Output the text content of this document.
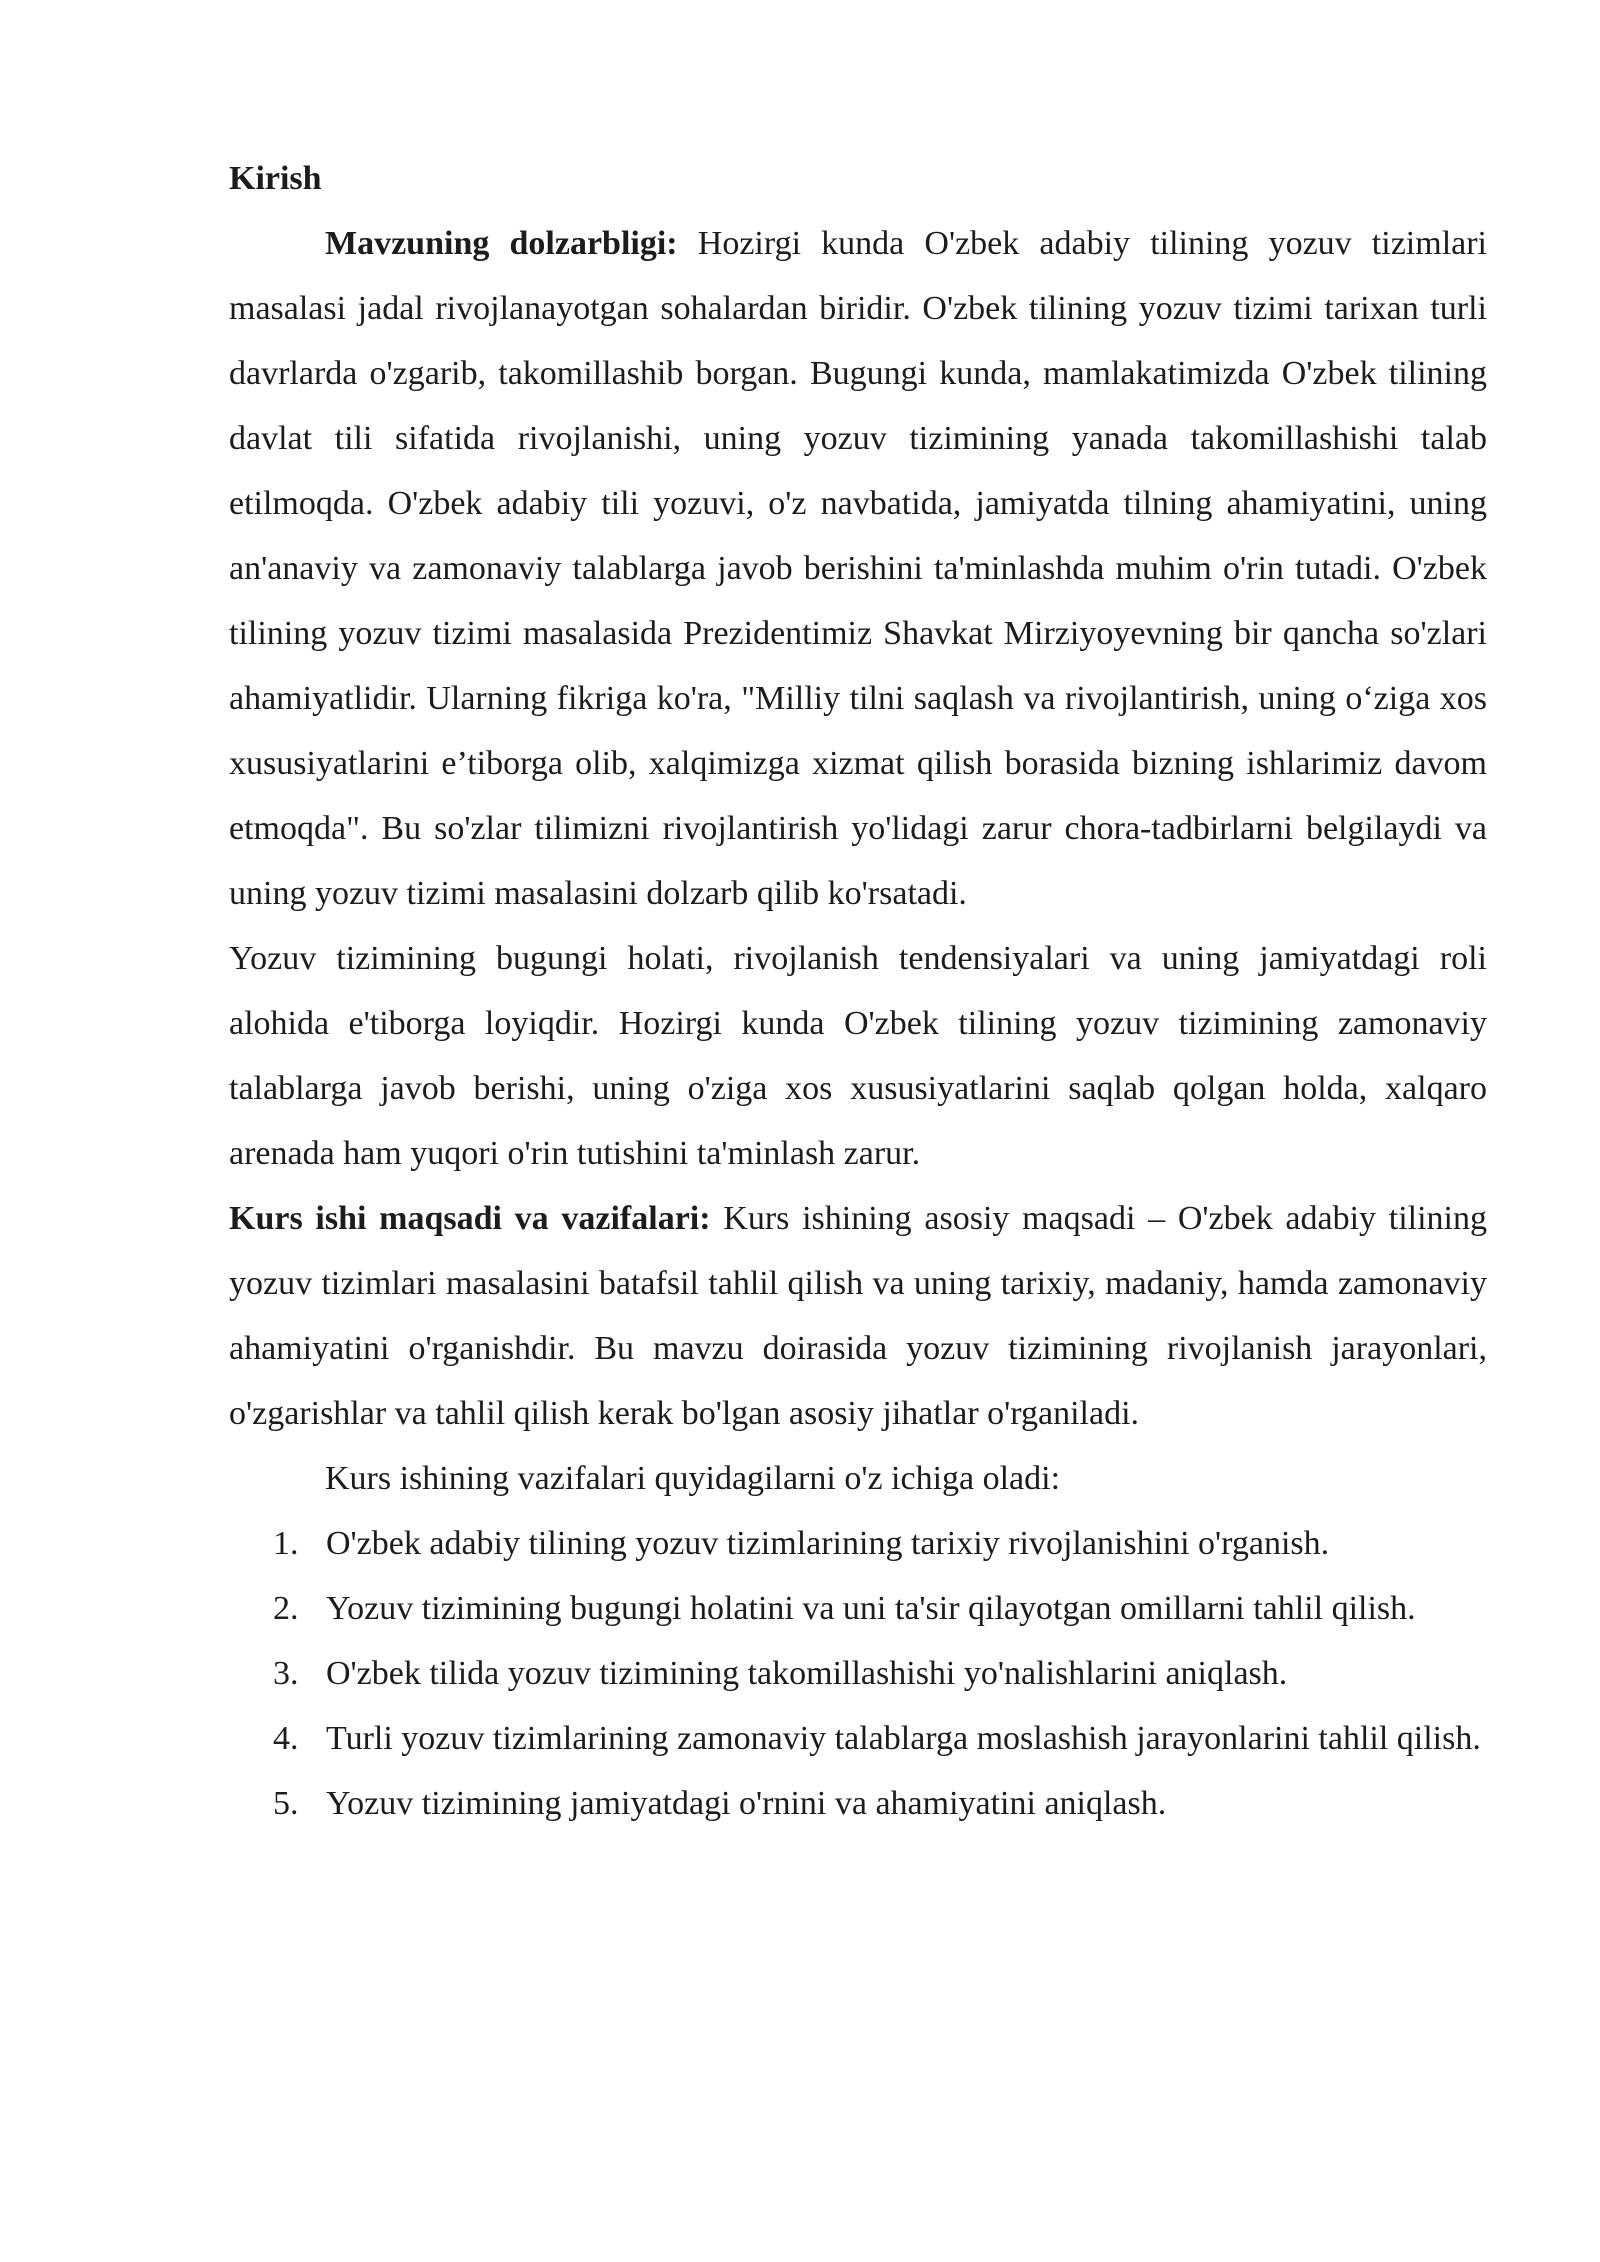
Kirish

Mavzuning dolzarbligi: Hozirgi kunda O'zbek adabiy tilining yozuv tizimlari masalasi jadal rivojlanayotgan sohalardan biridir. O'zbek tilining yozuv tizimi tarixan turli davrlarda o'zgarib, takomillashib borgan. Bugungi kunda, mamlakatimizda O'zbek tilining davlat tili sifatida rivojlanishi, uning yozuv tizimining yanada takomillashishi talab etilmoqda. O'zbek adabiy tili yozuvi, o'z navbatida, jamiyatda tilning ahamiyatini, uning an'anaviy va zamonaviy talablarga javob berishini ta'minlashda muhim o'rin tutadi. O'zbek tilining yozuv tizimi masalasida Prezidentimiz Shavkat Mirziyoyevning bir qancha so'zlari ahamiyatlidir. Ularning fikriga ko'ra, "Milliy tilni saqlash va rivojlantirish, uning o‘ziga xos xususiyatlarini e’tiborga olib, xalqimizga xizmat qilish borasida bizning ishlarimiz davom etmoqda". Bu so'zlar tilimizni rivojlantirish yo'lidagi zarur chora-tadbirlarni belgilaydi va uning yozuv tizimi masalasini dolzarb qilib ko'rsatadi.

Yozuv tizimining bugungi holati, rivojlanish tendensiyalari va uning jamiyatdagi roli alohida e'tiborga loyiqdir. Hozirgi kunda O'zbek tilining yozuv tizimining zamonaviy talablarga javob berishi, uning o'ziga xos xususiyatlarini saqlab qolgan holda, xalqaro arenada ham yuqori o'rin tutishini ta'minlash zarur.

Kurs ishi maqsadi va vazifalari: Kurs ishining asosiy maqsadi – O'zbek adabiy tilining yozuv tizimlari masalasini batafsil tahlil qilish va uning tarixiy, madaniy, hamda zamonaviy ahamiyatini o'rganishdir. Bu mavzu doirasida yozuv tizimining rivojlanish jarayonlari, o'zgarishlar va tahlil qilish kerak bo'lgan asosiy jihatlar o'rganiladi.

Kurs ishining vazifalari quyidagilarni o'z ichiga oladi:

1. O'zbek adabiy tilining yozuv tizimlarining tarixiy rivojlanishini o'rganish.
2. Yozuv tizimining bugungi holatini va uni ta'sir qilayotgan omillarni tahlil qilish.
3. O'zbek tilida yozuv tizimining takomillashishi yo'nalishlarini aniqlash.
4. Turli yozuv tizimlarining zamonaviy talablarga moslashish jarayonlarini tahlil qilish.
5. Yozuv tizimining jamiyatdagi o'rnini va ahamiyatini aniqlash.
